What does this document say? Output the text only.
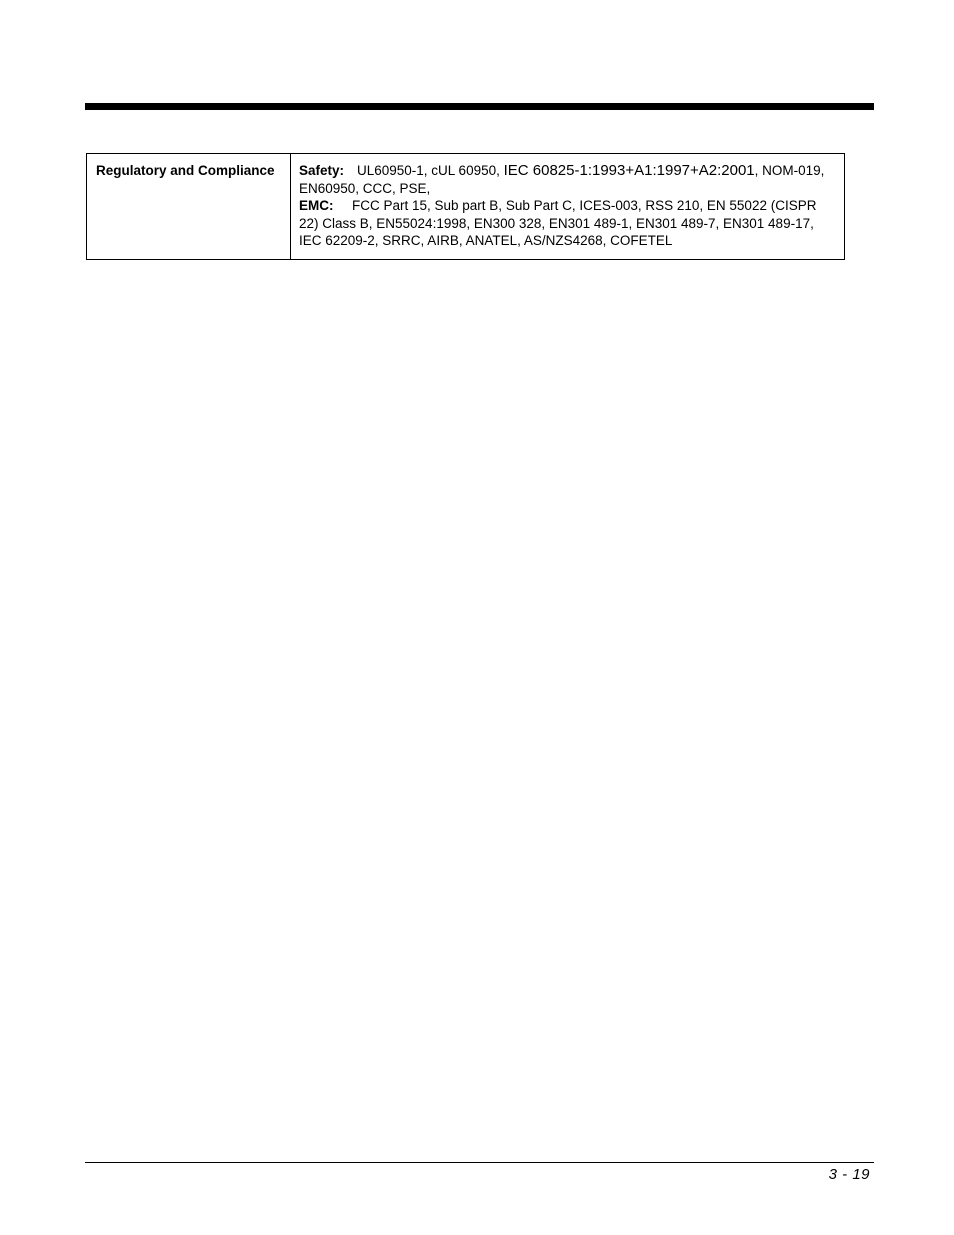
Regulatory and Compliance	Safety: UL60950-1, cUL 60950, IEC 60825-1:1993+A1:1997+A2:2001, NOM-019, EN60950, CCC, PSE,
EMC: FCC Part 15, Sub part B, Sub Part C, ICES-003, RSS 210, EN 55022 (CISPR 22) Class B, EN55024:1998, EN300 328, EN301 489-1, EN301 489-7, EN301 489-17, IEC 62209-2, SRRC, AIRB, ANATEL, AS/NZS4268, COFETEL
3 - 19
